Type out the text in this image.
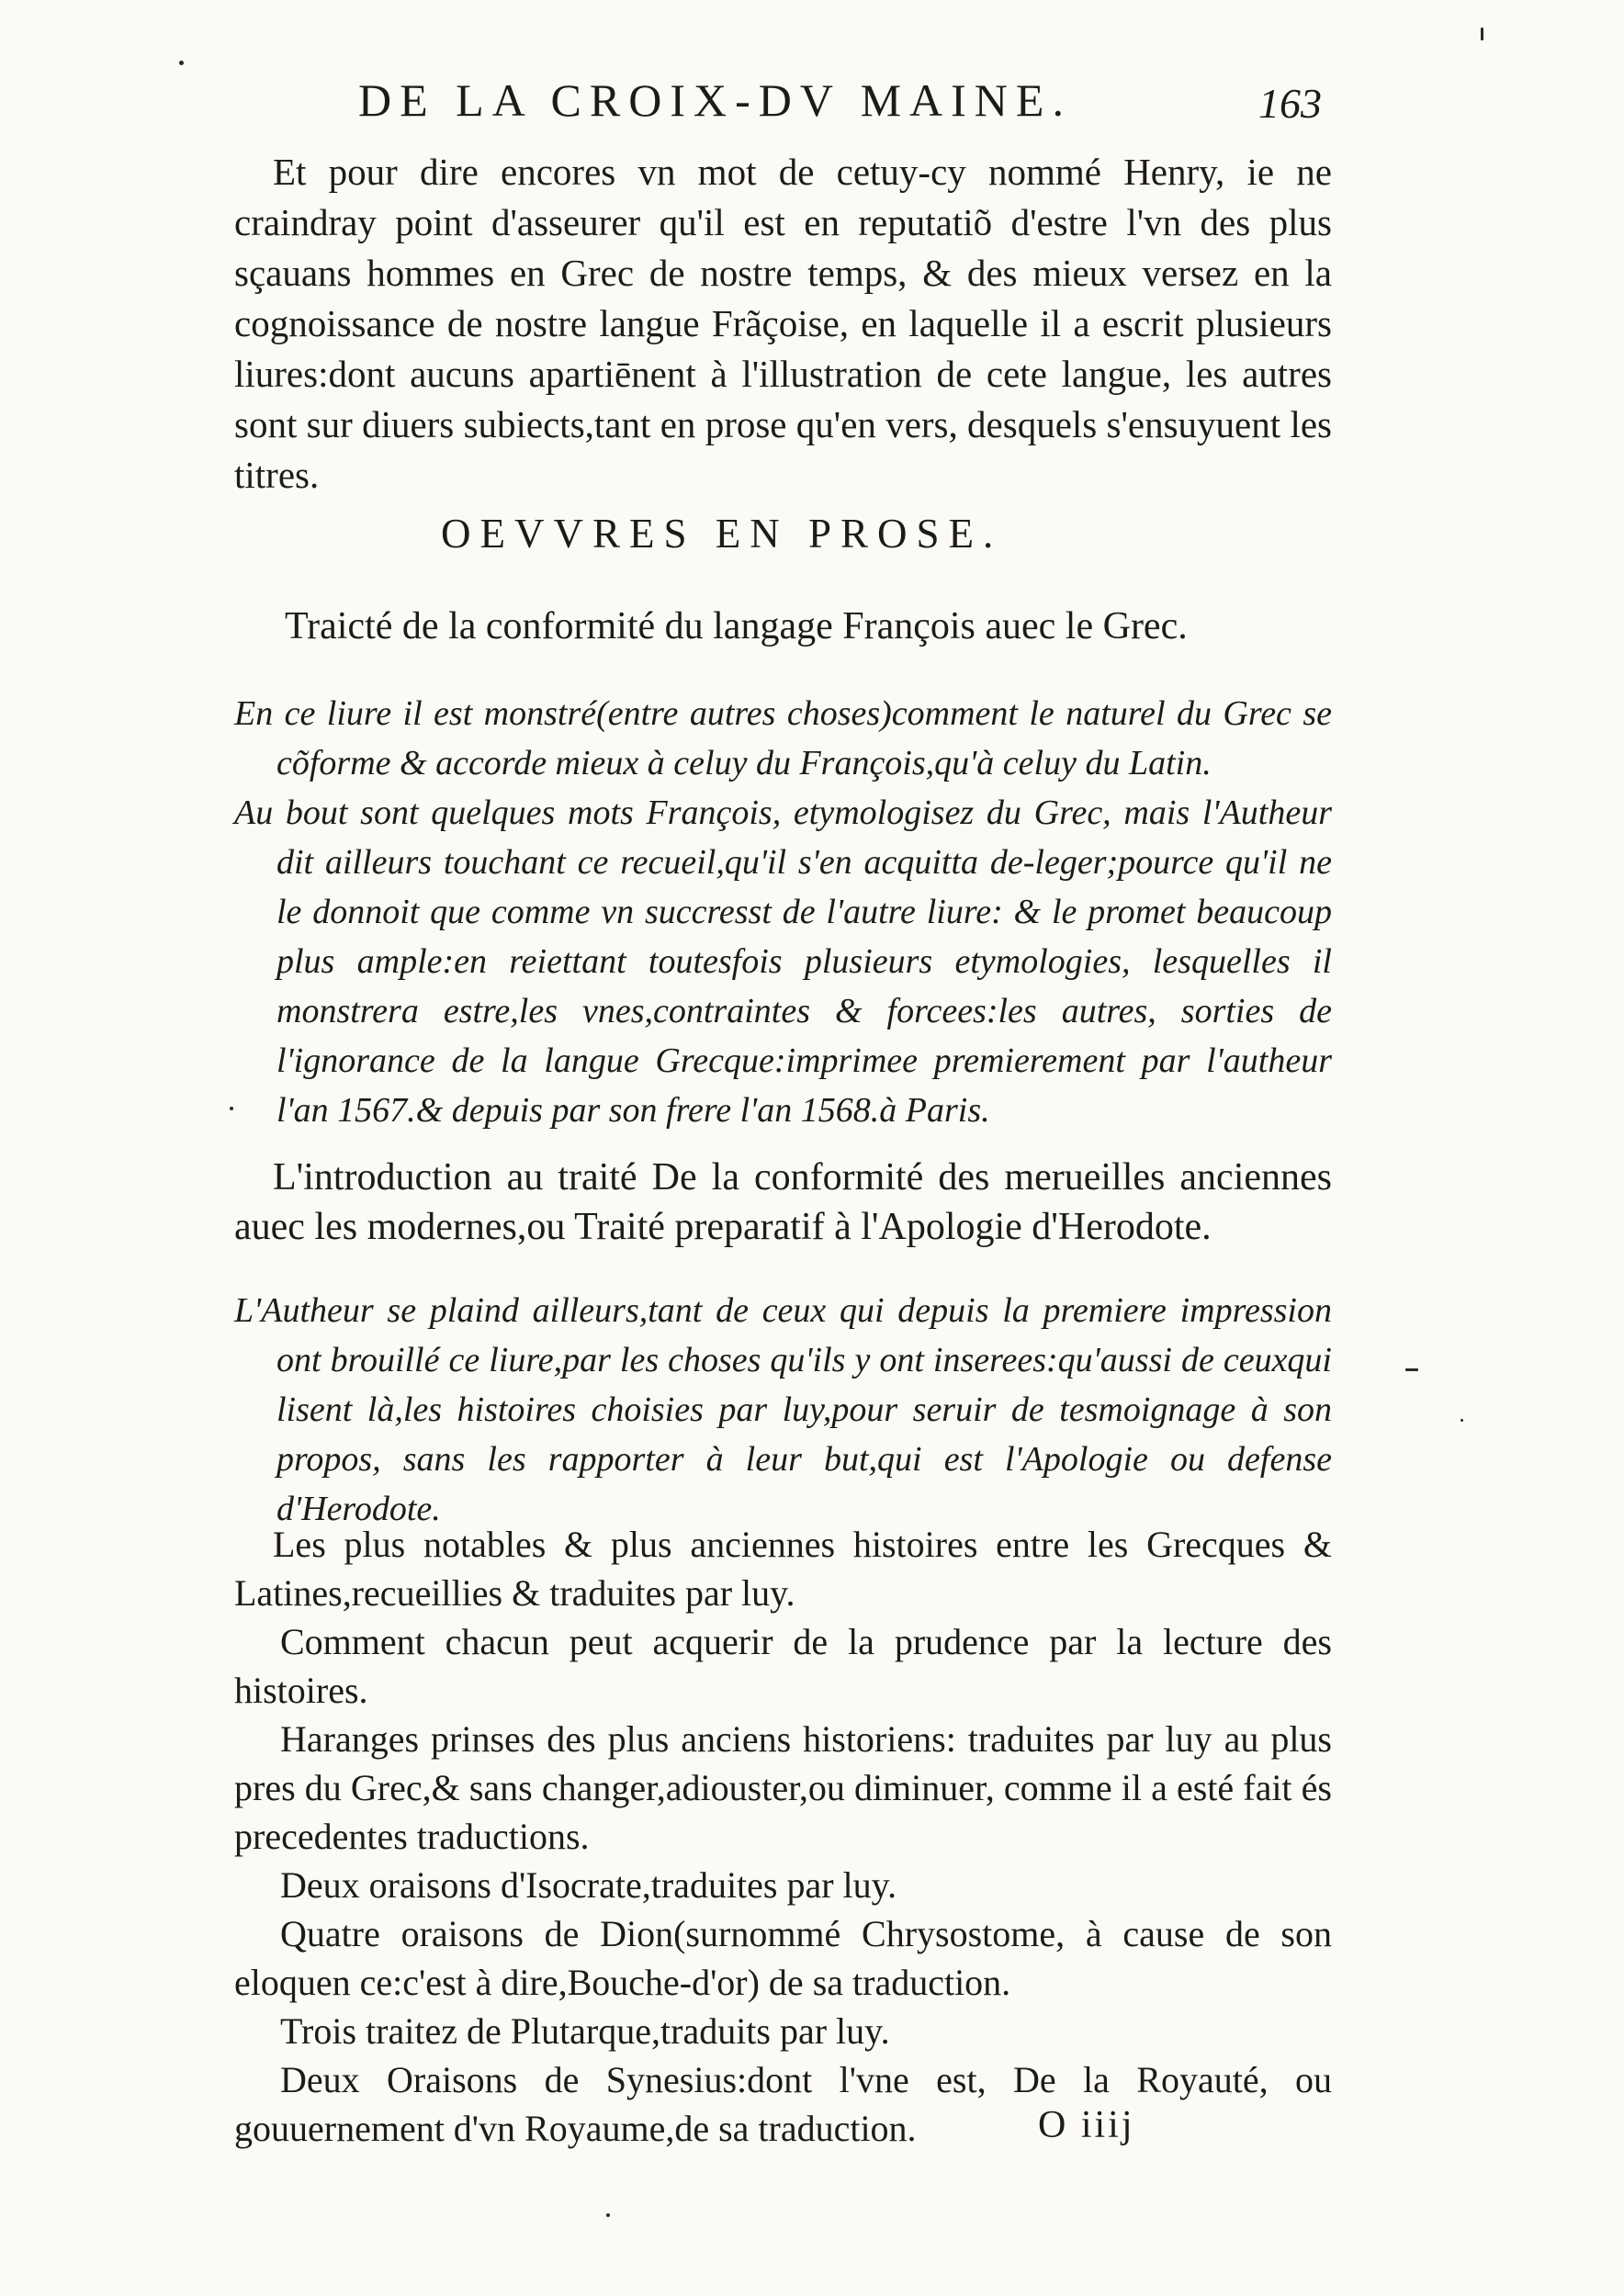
DE LA CROIX-DV MAINE.	163

Et pour dire encores vn mot de cetuy-cy nommé Henry, ie ne craindray point d'asseurer qu'il est en reputatiõ d'estre l'vn des plus sçauans hommes en Grec de nostre temps, & des mieux versez en la cognoissance de nostre langue Frãçoise, en laquelle il a escrit plusieurs liures:dont aucuns apartiēnent à l'illustration de cete langue, les autres sont sur diuers subiects,tant en prose qu'en vers, desquels s'ensuyuent les titres.

OEVVRES EN PROSE.
Traicté de la conformité du langage François auec le Grec.

En ce liure il est monstré(entre autres choses)comment le naturel du Grec se cõforme & accorde mieux à celuy du François,qu'à celuy du Latin.

Au bout sont quelques mots François, etymologisez du Grec, mais l'Autheur dit ailleurs touchant ce recueil,qu'il s'en acquitta de-leger;pource qu'il ne le donnoit que comme vn succresst de l'autre liure: & le promet beaucoup plus ample:en reiettant toutesfois plusieurs etymologies, lesquelles il monstrera estre,les vnes,contraintes & forcees:les autres, sorties de l'ignorance de la langue Grecque:imprimee premierement par l'autheur l'an 1567.& depuis par son frere l'an 1568.à Paris.

L'introduction au traité De la conformité des merueilles anciennes auec les modernes,ou Traité preparatif à l'Apologie d'Herodote.

L'Autheur se plaind ailleurs,tant de ceux qui depuis la premiere impression ont brouillé ce liure,par les choses qu'ils y ont inserees:qu'aussi de ceuxqui lisent là,les histoires choisies par luy,pour seruir de tesmoignage à son propos, sans les rapporter à leur but,qui est l'Apologie ou defense d'Herodote.

Les plus notables & plus anciennes histoires entre les Grecques & Latines,recueillies & traduites par luy.

Comment chacun peut acquerir de la prudence par la lecture des histoires.

Haranges prinses des plus anciens historiens: traduites par luy au plus pres du Grec,& sans changer,adiouster,ou diminuer, comme il a esté fait és precedentes traductions.

Deux oraisons d'Isocrate,traduites par luy.

Quatre oraisons de Dion(surnommé Chrysostome, à cause de son eloquen ce:c'est à dire,Bouche-d'or) de sa traduction.

Trois traitez de Plutarque,traduits par luy.

Deux Oraisons de Synesius:dont l'vne est, De la Royauté, ou gouuernement d'vn Royaume,de sa traduction.	O iiij
